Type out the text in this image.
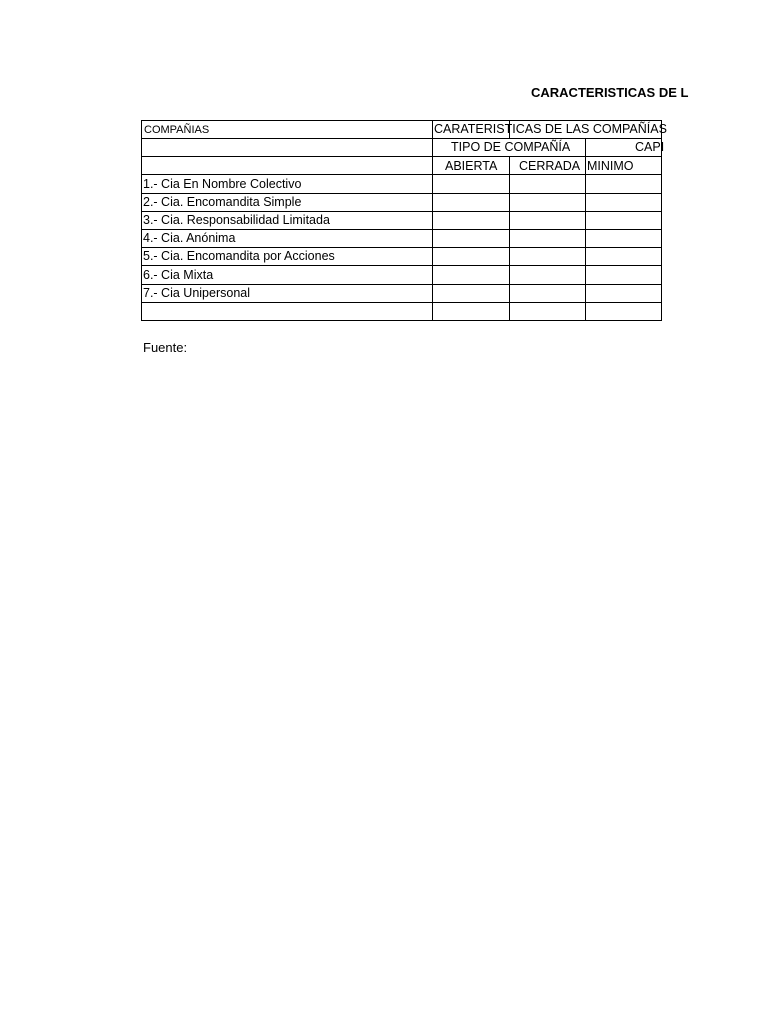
CARACTERISTICAS DE L
COMPAÑIAS	CARATERISTICAS DE LAS COMPAÑÍAS
TIPO DE COMPAÑÍA	CAPI
ABIERTA CERRADA MINIMO
1.- Cia En Nombre Colectivo
2.- Cia. Encomandita Simple
3.- Cia. Responsabilidad Limitada
4.- Cia. Anónima
5.- Cia. Encomandita por Acciones
6.- Cia Mixta
7.- Cia Unipersonal
Fuente:
